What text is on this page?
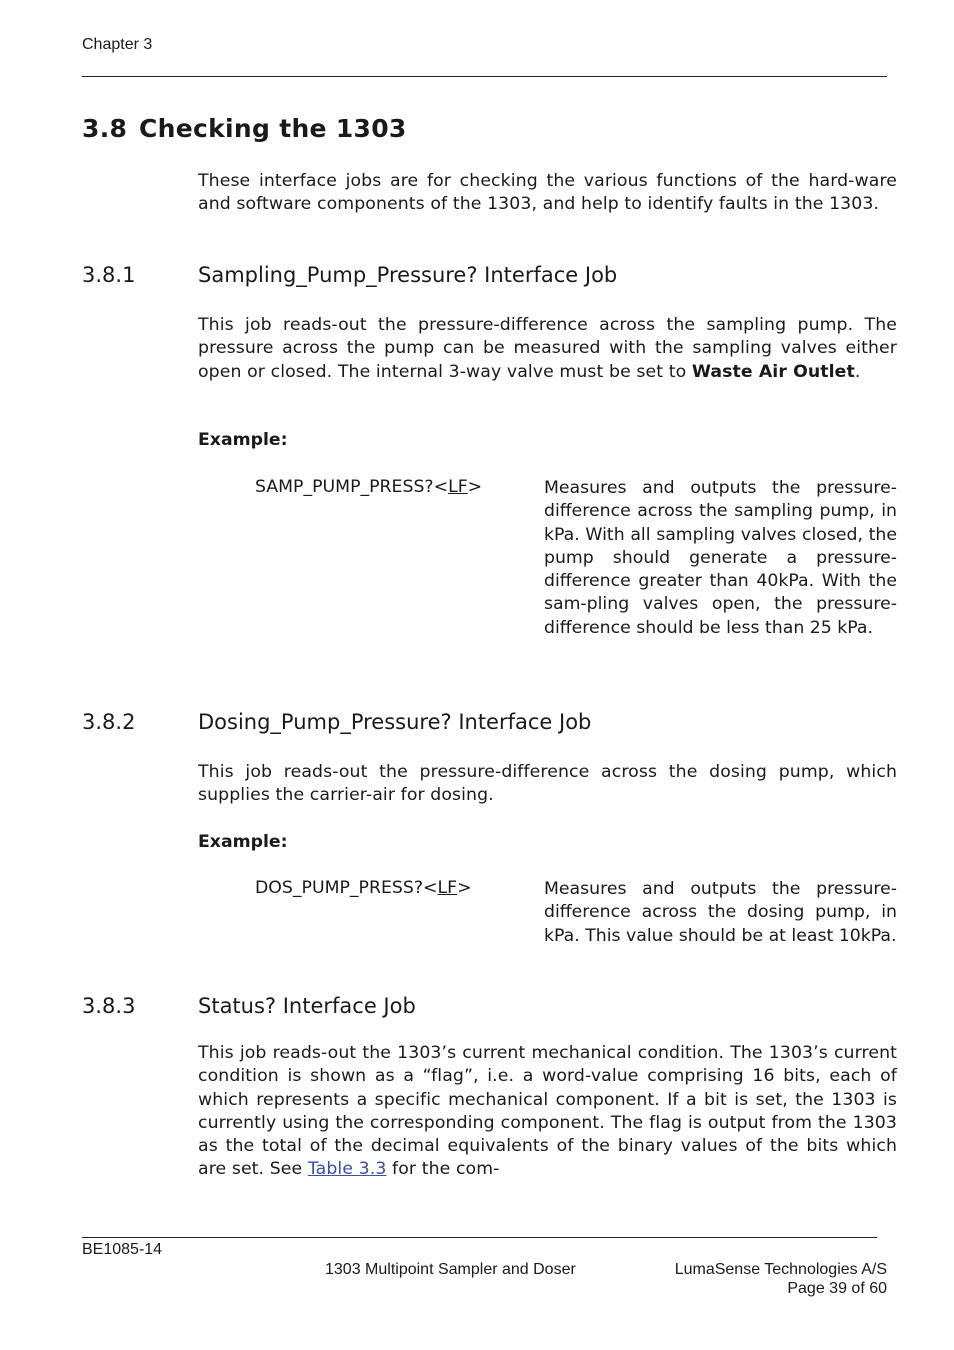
Chapter 3
3.8 Checking the 1303
These interface jobs are for checking the various functions of the hard-ware and software components of the 1303, and help to identify faults in the 1303.
3.8.1	Sampling_Pump_Pressure? Interface Job
This job reads-out the pressure-difference across the sampling pump. The pressure across the pump can be measured with the sampling valves either open or closed. The internal 3-way valve must be set to Waste Air Outlet.
Example:
SAMP_PUMP_PRESS?<LF>	Measures and outputs the pressure-difference across the sampling pump, in kPa. With all sampling valves closed, the pump should generate a pressure-difference greater than 40kPa. With the sam-pling valves open, the pressure-difference should be less than 25 kPa.
3.8.2	Dosing_Pump_Pressure? Interface Job
This job reads-out the pressure-difference across the dosing pump, which supplies the carrier-air for dosing.
Example:
DOS_PUMP_PRESS?<LF>	Measures and outputs the pressure-difference across the dosing pump, in kPa. This value should be at least 10kPa.
3.8.3	Status? Interface Job
This job reads-out the 1303’s current mechanical condition. The 1303’s current condition is shown as a “flag”, i.e. a word-value comprising 16 bits, each of which represents a specific mechanical component. If a bit is set, the 1303 is currently using the corresponding component. The flag is output from the 1303 as the total of the decimal equivalents of the binary values of the bits which are set. See Table 3.3 for the com-
BE1085-14
1303 Multipoint Sampler and Doser	LumaSense Technologies A/S
Page 39 of 60
